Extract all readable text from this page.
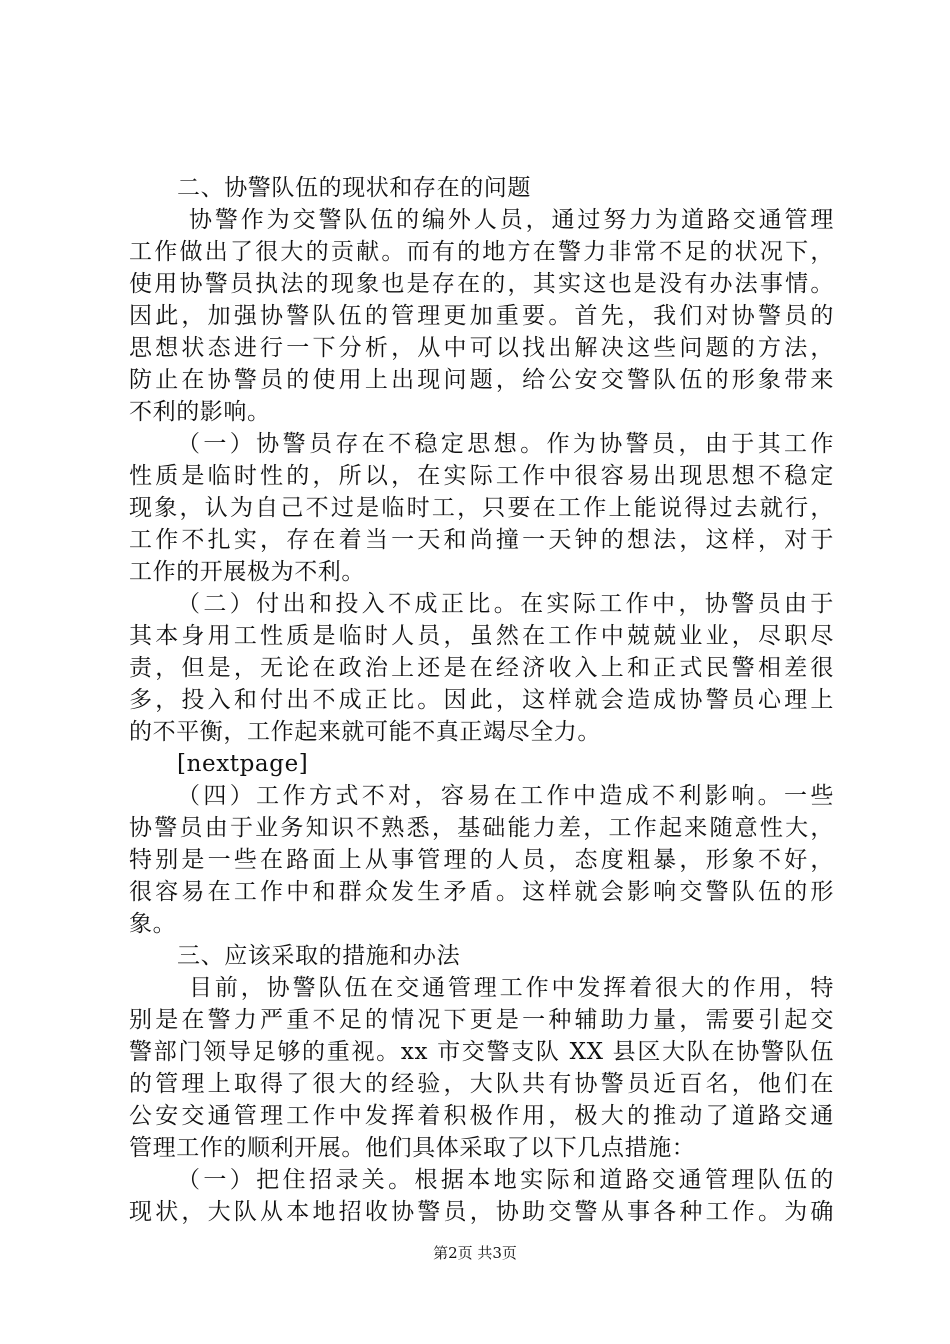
二、协警队伍的现状和存在的问题
协警作为交警队伍的编外人员，通过努力为道路交通管理
工作做出了很大的贡献。而有的地方在警力非常不足的状况下，
使用协警员执法的现象也是存在的，其实这也是没有办法事情。
因此，加强协警队伍的管理更加重要。首先，我们对协警员的
思想状态进行一下分析，从中可以找出解决这些问题的方法，
防止在协警员的使用上出现问题，给公安交警队伍的形象带来
不利的影响。
（一）协警员存在不稳定思想。作为协警员，由于其工作
性质是临时性的，所以，在实际工作中很容易出现思想不稳定
现象，认为自己不过是临时工，只要在工作上能说得过去就行，
工作不扎实，存在着当一天和尚撞一天钟的想法，这样，对于
工作的开展极为不利。
（二）付出和投入不成正比。在实际工作中，协警员由于
其本身用工性质是临时人员，虽然在工作中兢兢业业，尽职尽
责，但是，无论在政治上还是在经济收入上和正式民警相差很
多，投入和付出不成正比。因此，这样就会造成协警员心理上
的不平衡，工作起来就可能不真正竭尽全力。
[nextpage]
（四）工作方式不对，容易在工作中造成不利影响。一些
协警员由于业务知识不熟悉，基础能力差，工作起来随意性大，
特别是一些在路面上从事管理的人员，态度粗暴，形象不好，
很容易在工作中和群众发生矛盾。这样就会影响交警队伍的形
象。
三、应该采取的措施和办法
目前，协警队伍在交通管理工作中发挥着很大的作用，特
别是在警力严重不足的情况下更是一种辅助力量，需要引起交
警部门领导足够的重视。xx 市交警支队 XX 县区大队在协警队伍
的管理上取得了很大的经验，大队共有协警员近百名，他们在
公安交通管理工作中发挥着积极作用，极大的推动了道路交通
管理工作的顺利开展。他们具体采取了以下几点措施：
（一）把住招录关。根据本地实际和道路交通管理队伍的
现状，大队从本地招收协警员，协助交警从事各种工作。为确
第2页 共3页
